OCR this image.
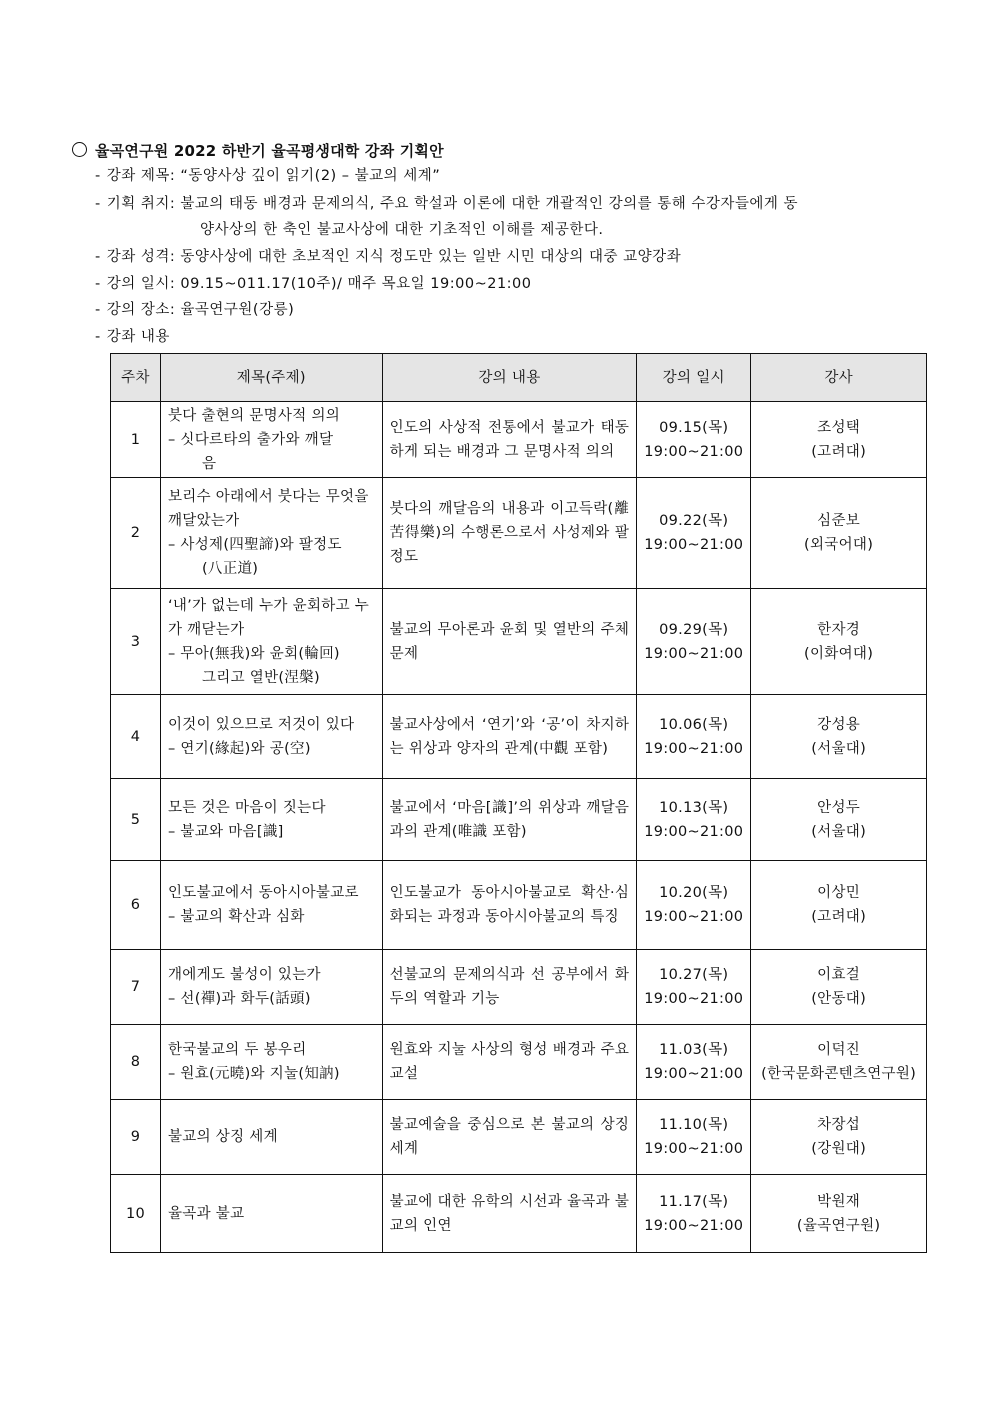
율곡연구원 2022 하반기 율곡평생대학 강좌 기획안
- 강좌 제목: “동양사상 깊이 읽기(2) – 불교의 세계”
- 기획 취지: 불교의 태동 배경과 문제의식, 주요 학설과 이론에 대한 개괄적인 강의를 통해 수강자들에게 동
양사상의 한 축인 불교사상에 대한 기초적인 이해를 제공한다.
- 강좌 성격: 동양사상에 대한 초보적인 지식 정도만 있는 일반 시민 대상의 대중 교양강좌
- 강의 일시: 09.15~011.17(10주)/ 매주 목요일 19:00~21:00
- 강의 장소: 율곡연구원(강릉)
- 강좌 내용
주차	제목(주제)	강의 내용	강의 일시	강사
1	붓다 출현의 문명사적 의의
– 싯다르타의 출가와 깨달
음	인도의 사상적 전통에서 불교가 태동하게 되는 배경과 그 문명사적 의의	09.15(목)
19:00~21:00	조성택
(고려대)

2	보리수 아래에서 붓다는 무엇을 깨달았는가
– 사성제(四聖諦)와 팔정도
(八正道)	붓다의 깨달음의 내용과 이고득락(離苦得樂)의 수행론으로서 사성제와 팔정도	09.22(목)
19:00~21:00	심준보
(외국어대)

3	‘내’가 없는데 누가 윤회하고 누가 깨닫는가
– 무아(無我)와 윤회(輪回)
그리고 열반(涅槃)	불교의 무아론과 윤회 및 열반의 주체 문제	09.29(목)
19:00~21:00	한자경
(이화여대)

4	이것이 있으므로 저것이 있다
– 연기(緣起)와 공(空)	불교사상에서 ‘연기’와 ‘공’이 차지하는 위상과 양자의 관계(中觀 포함)	10.06(목)
19:00~21:00	강성용
(서울대)

5	모든 것은 마음이 짓는다
– 불교와 마음[識]	불교에서 ‘마음[識]’의 위상과 깨달음과의 관계(唯識 포함)	10.13(목)
19:00~21:00	안성두
(서울대)

6	인도불교에서 동아시아불교로
– 불교의 확산과 심화	인도불교가 동아시아불교로 확산·심화되는 과정과 동아시아불교의 특징	10.20(목)
19:00~21:00	이상민
(고려대)

7	개에게도 불성이 있는가
– 선(禪)과 화두(話頭)	선불교의 문제의식과 선 공부에서 화두의 역할과 기능	10.27(목)
19:00~21:00	이효걸
(안동대)

8	한국불교의 두 봉우리
– 원효(元曉)와 지눌(知訥)	원효와 지눌 사상의 형성 배경과 주요 교설	11.03(목)
19:00~21:00	이덕진
(한국문화콘텐츠연구원)

9	불교의 상징 세계	불교예술을 중심으로 본 불교의 상징 세계	11.10(목)
19:00~21:00	차장섭
(강원대)

10	율곡과 불교	불교에 대한 유학의 시선과 율곡과 불교의 인연	11.17(목)
19:00~21:00	박원재
(율곡연구원)
